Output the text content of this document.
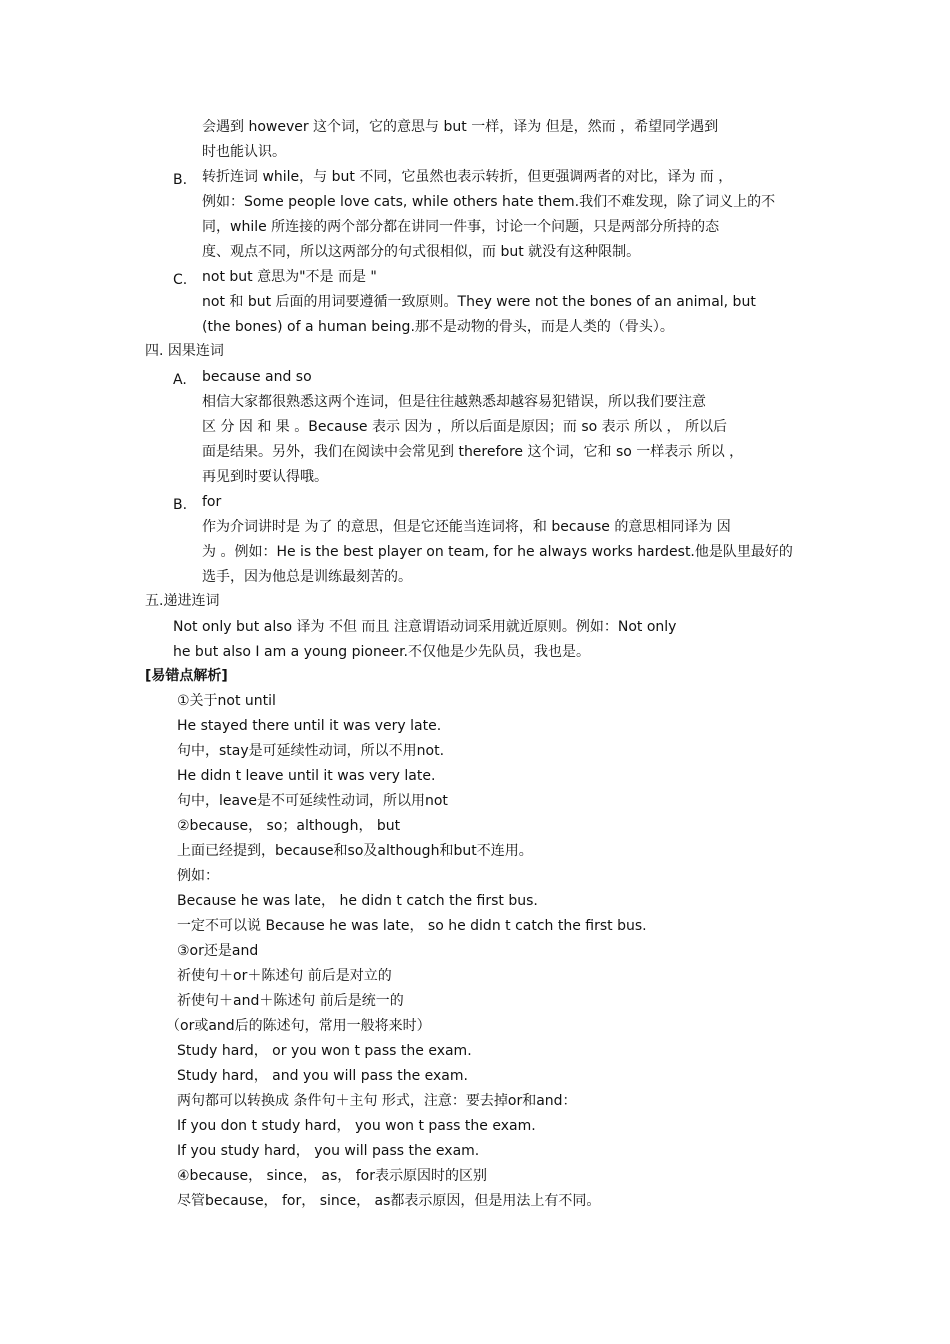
会遇到 however 这个词，它的意思与 but 一样，译为 但是，然而 ，希望同学遇到
时也能认识。
B. 转折连词 while，与 but 不同，它虽然也表示转折，但更强调两者的对比，译为 而 ，
例如：Some people love cats, while others hate them.我们不难发现，除了词义上的不
同，while 所连接的两个部分都在讲同一件事，讨论一个问题，只是两部分所持的态
度、观点不同，所以这两部分的句式很相似，而 but 就没有这种限制。
C. not but 意思为"不是 而是 "
not 和 but 后面的用词要遵循一致原则。They were not the bones of an animal, but
(the bones) of a human being.那不是动物的骨头，而是人类的（骨头）。
四. 因果连词
A. because and so
相信大家都很熟悉这两个连词，但是往往越熟悉却越容易犯错误，所以我们要注意
区 分 因 和 果 。Because 表示 因为 ，所以后面是原因；而 so 表示 所以 ， 所以后
面是结果。另外，我们在阅读中会常见到 therefore 这个词，它和 so 一样表示 所以 ，
再见到时要认得哦。
B. for
作为介词讲时是 为了 的意思，但是它还能当连词将，和 because 的意思相同译为 因
为 。例如：He is the best player on team, for he always works hardest.他是队里最好的
选手，因为他总是训练最刻苦的。
五.递进连词
Not only but also 译为 不但 而且 注意谓语动词采用就近原则。例如：Not only
he but also I am a young pioneer.不仅他是少先队员，我也是。
[易错点解析]
①关于not until
He stayed there until it was very late.
句中，stay是可延续性动词，所以不用not.
He didn t leave until it was very late.
句中，leave是不可延续性动词，所以用not
②because， so；although， but
上面已经提到，because和so及although和but不连用。
例如：
Because he was late， he didn t catch the first bus.
一定不可以说 Because he was late， so he didn t catch the first bus.
③or还是and
祈使句＋or＋陈述句 前后是对立的
祈使句＋and＋陈述句 前后是统一的
（or或and后的陈述句，常用一般将来时）
Study hard， or you won t pass the exam.
Study hard， and you will pass the exam.
两句都可以转换成 条件句＋主句 形式，注意：要去掉or和and：
If you don t study hard， you won t pass the exam.
If you study hard， you will pass the exam.
④because， since， as， for表示原因时的区别
尽管because， for， since， as都表示原因，但是用法上有不同。
